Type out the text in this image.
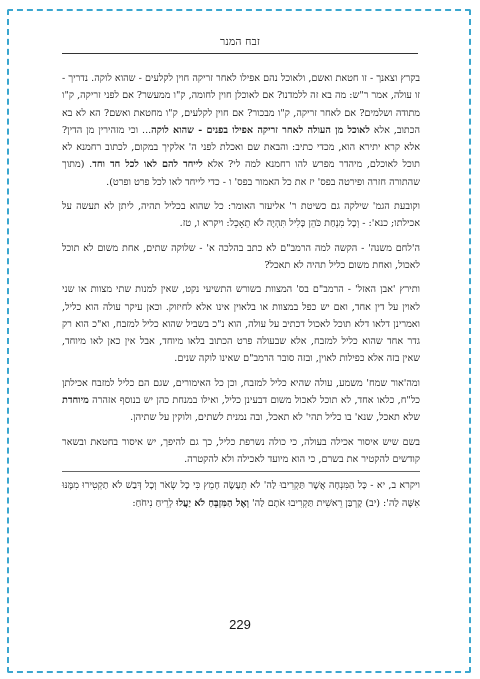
זבח המנר
בקרץ וצאנך - זו חטאת ואשם, ולאוכל נהם אפילו לאחר זריקה חוין לקלעים - שהוא לוקה. נדריך - זו עולה, אמר ר"ש: מה בא זה ללמדנו? אם לאוכלן חוין לחומה, ק"ו ממעשר? אם לפני זריקה, ק"ו מתודה ושלמים? אם לאחר זריקה, ק"ו מבכור? אם חוין לקלעים, ק"ו מחטאת ואשם? הא לא בא הכתוב, אלא לאוכל מן העולה לאחר זריקה אפילו בפנים - שהוא לוקה... וכי מזהירין מן הדין? אלא קרא יתירא הוא, מכדי כתיב: והבאת שם ואכלת לפני ה' אלקיך במקום, לכתוב רחמנא לא תוכל לאוכלם, מיהדר מפרש להו רחמנא למה לי? אלא לייחד להם לאו לכל חד וחד. (מתוך שהתורה חזרה ופירטה בפס' יז את כל האמור בפס' ו - כדי לייחד לאו לכל פרט ופרט).
וקובעת הגמ' שילקה גם כשיטת ר' אליעזר האומר: כל שהוא בכליל תהיה, ליתן לא תעשה על אכילתו; כנא': - וְכָל מִנְחַת כֹּהֵן כָּלִיל תִּהְיֶה לֹא תֵאָכֵל: ויקרא ו, טז.
ה'לחם משנה' - הקשה למה הרמב"ם לא כתב בהלכה א' - שלוקה שתים, אחת משום לא תוכל לאכול, ואחת משום כליל תהיה לא תאכל?
ותירץ 'אבן האזל' - הרמב"ם בס' המצוות בשורש התשיעי נקט, שאין למנות שתי מצוות או שני לאוין על דין אחד, ואם יש כפל במצוות או בלאוין אינו אלא לחיזוק. וכאן עיקר עולה הוא כליל, ואמרינן דלאו דלא תוכל לאכול דכתיב על עולה, הוא נ"כ בשביל שהוא כליל למזבח, וא"כ הוא רק גדר אחד שהוא כליל למזבח, אלא שבעולה פרט הכתוב בלאו מיוחד, אבל אין כאן לאו מיוחד, שאין בזה אלא כפילות לאוין, ובזה סובר הרמב"ם שאינו לוקה שנים.
ומה'אור שמח' משמע, עולה שהיא כליל למזבח, וכן כל האימורים, שגם הם כליל למזבח אכילתן כל"ח, כלאו אחד, לא תוכל לאכול משום דבעינן כליל, ואילו במנחת כהן יש בנוסף אזהרה מיוחדת שלא תאכל, שנא' בו כליל תהי' לא תאכל, ובה נמנית לשתים, ולוקין על שתיהן.
בשם שיש איסור אכילה בעולה, כי כולה נשרפת כליל, כך גם להיפך, יש איסור בחטאת ובשאר קודשים להקטיר את בשרם, כי הוא מיועד לאכילה ולא להקטרה.
ויקרא ב, יא - כָּל הַמִּנְחָה אֲשֶׁר תַּקְרִיבוּ לַה' לֹא תֵעָשֶׂה חָמֵץ כִּי כָל שְׂאֹר וְכָל דְּבַשׁ לֹא תַקְטִירוּ מִמֶּנּוּ אִשֶּׁה לַה': (יב) קָרְבַּן רֵאשִׁית תַּקְרִיבוּ אֹתָם לַה' וְאֶל הַמִּזְבֵּחַ לֹא יַעֲלוּ לְרֵיחַ נִיחֹחַ:
229
